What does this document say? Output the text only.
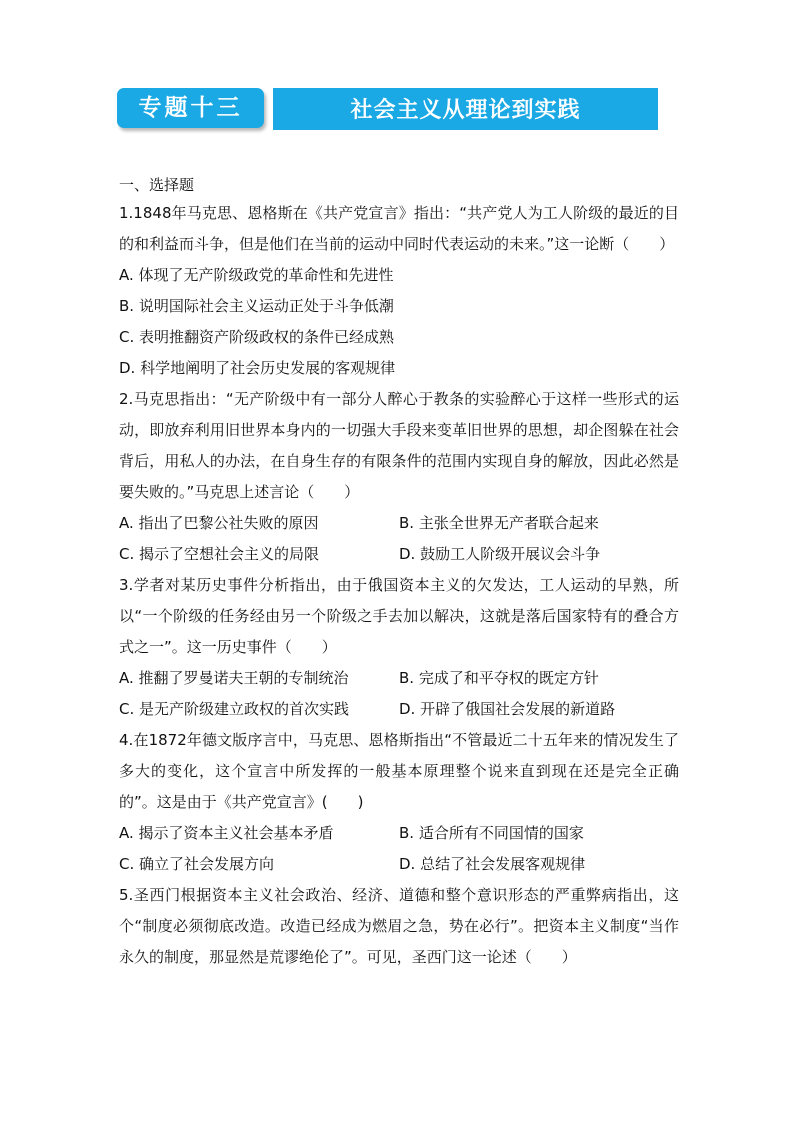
专题十三	社会主义从理论到实践
一、选择题
1.1848年马克思、恩格斯在《共产党宣言》指出：“共产党人为工人阶级的最近的目的和利益而斗争，但是他们在当前的运动中同时代表运动的未来。”这一论断（　　）
A. 体现了无产阶级政党的革命性和先进性
B. 说明国际社会主义运动正处于斗争低潮
C. 表明推翻资产阶级政权的条件已经成熟
D. 科学地阐明了社会历史发展的客观规律
2.马克思指出：“无产阶级中有一部分人醉心于教条的实验醉心于这样一些形式的运动，即放弃利用旧世界本身内的一切强大手段来变革旧世界的思想，却企图躲在社会背后，用私人的办法，在自身生存的有限条件的范围内实现自身的解放，因此必然是要失败的。”马克思上述言论（　　）
A. 指出了巴黎公社失败的原因	B. 主张全世界无产者联合起来
C. 揭示了空想社会主义的局限	D. 鼓励工人阶级开展议会斗争
3.学者对某历史事件分析指出，由于俄国资本主义的欠发达，工人运动的早熟，所以“一个阶级的任务经由另一个阶级之手去加以解决，这就是落后国家特有的叠合方式之一”。这一历史事件（　　）
A. 推翻了罗曼诺夫王朝的专制统治	B. 完成了和平夺权的既定方针
C. 是无产阶级建立政权的首次实践	D. 开辟了俄国社会发展的新道路
4.在1872年德文版序言中，马克思、恩格斯指出“不管最近二十五年来的情况发生了多大的变化，这个宣言中所发挥的一般基本原理整个说来直到现在还是完全正确的”。这是由于《共产党宣言》(　　)
A. 揭示了资本主义社会基本矛盾	B. 适合所有不同国情的国家
C. 确立了社会发展方向	D. 总结了社会发展客观规律
5.圣西门根据资本主义社会政治、经济、道德和整个意识形态的严重弊病指出，这个“制度必须彻底改造。改造已经成为燃眉之急，势在必行”。把资本主义制度“当作永久的制度，那显然是荒谬绝伦了”。可见，圣西门这一论述（　　）
